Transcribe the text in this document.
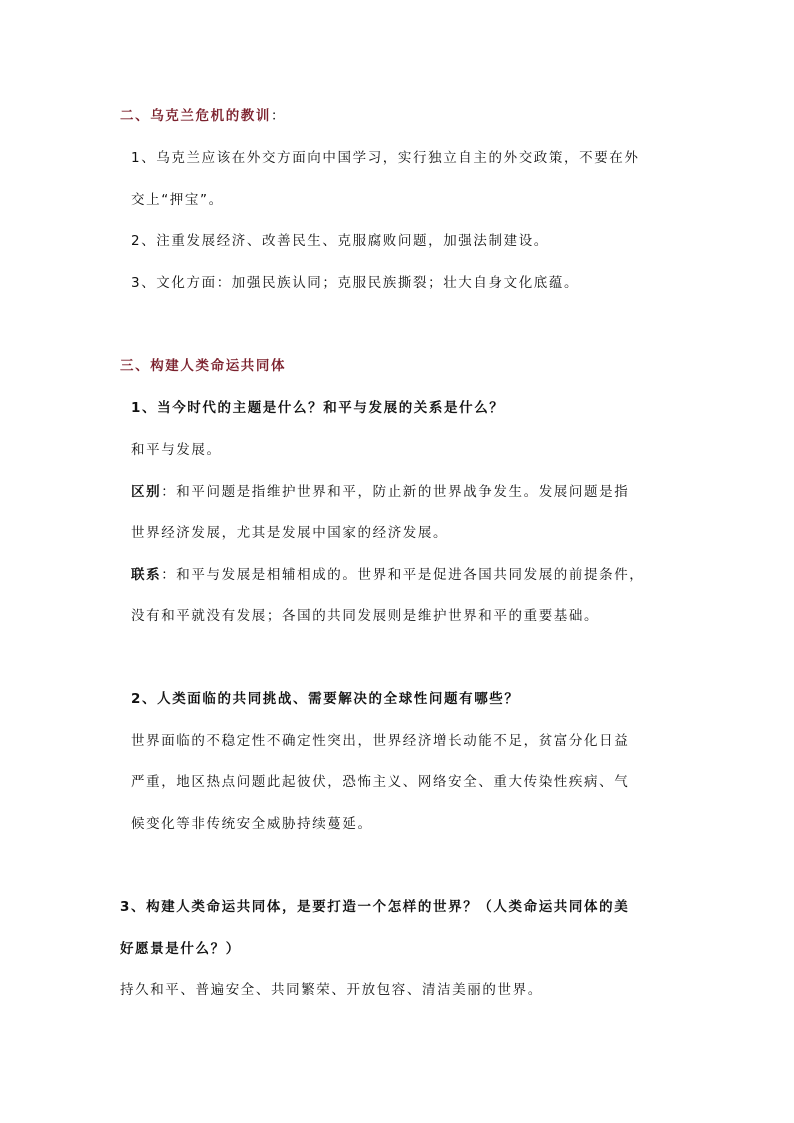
二、乌克兰危机的教训：
1、乌克兰应该在外交方面向中国学习，实行独立自主的外交政策，不要在外
交上“押宝”。
2、注重发展经济、改善民生、克服腐败问题，加强法制建设。
3、文化方面：加强民族认同；克服民族撕裂；壮大自身文化底蕴。
三、构建人类命运共同体
1、当今时代的主题是什么？和平与发展的关系是什么？
和平与发展。
区别：和平问题是指维护世界和平，防止新的世界战争发生。发展问题是指
世界经济发展，尤其是发展中国家的经济发展。
联系：和平与发展是相辅相成的。世界和平是促进各国共同发展的前提条件，
没有和平就没有发展；各国的共同发展则是维护世界和平的重要基础。
2、人类面临的共同挑战、需要解决的全球性问题有哪些？
世界面临的不稳定性不确定性突出，世界经济增长动能不足，贫富分化日益
严重，地区热点问题此起彼伏，恐怖主义、网络安全、重大传染性疾病、气
候变化等非传统安全威胁持续蔓延。
3、构建人类命运共同体，是要打造一个怎样的世界？（人类命运共同体的美
好愿景是什么？）
持久和平、普遍安全、共同繁荣、开放包容、清洁美丽的世界。
